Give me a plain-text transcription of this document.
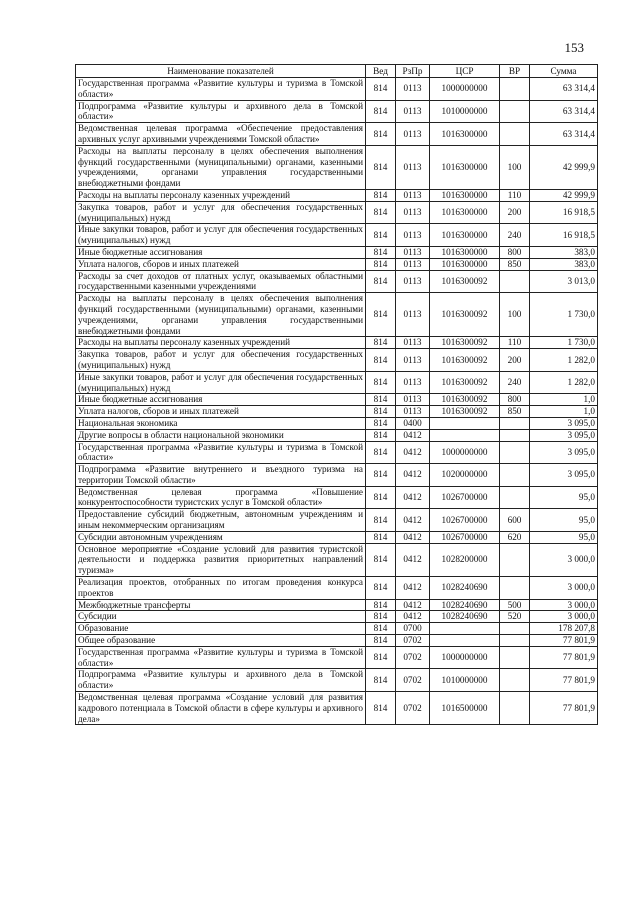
153
Наименование показателей	Вед	РзПр	ЦСР	ВР	Сумма
Государственная программа «Развитие культуры и туризма в Томской области»	814	0113	1000000000		63 314,4
Подпрограмма «Развитие культуры и архивного дела в Томской области»	814	0113	1010000000		63 314,4
Ведомственная целевая программа «Обеспечение предоставления архивных услуг архивными учреждениями Томской области»	814	0113	1016300000		63 314,4
Расходы на выплаты персоналу в целях обеспечения выполнения функций государственными (муниципальными) органами, казенными учреждениями, органами управления государственными внебюджетными фондами	814	0113	1016300000	100	42 999,9
Расходы на выплаты персоналу казенных учреждений	814	0113	1016300000	110	42 999,9
Закупка товаров, работ и услуг для обеспечения государственных (муниципальных) нужд	814	0113	1016300000	200	16 918,5
Иные закупки товаров, работ и услуг для обеспечения государственных (муниципальных) нужд	814	0113	1016300000	240	16 918,5
Иные бюджетные ассигнования	814	0113	1016300000	800	383,0
Уплата налогов, сборов и иных платежей	814	0113	1016300000	850	383,0
Расходы за счет доходов от платных услуг, оказываемых областными государственными казенными учреждениями	814	0113	1016300092		3 013,0
Расходы на выплаты персоналу в целях обеспечения выполнения функций государственными (муниципальными) органами, казенными учреждениями, органами управления государственными внебюджетными фондами	814	0113	1016300092	100	1 730,0
Расходы на выплаты персоналу казенных учреждений	814	0113	1016300092	110	1 730,0
Закупка товаров, работ и услуг для обеспечения государственных (муниципальных) нужд	814	0113	1016300092	200	1 282,0
Иные закупки товаров, работ и услуг для обеспечения государственных (муниципальных) нужд	814	0113	1016300092	240	1 282,0
Иные бюджетные ассигнования	814	0113	1016300092	800	1,0
Уплата налогов, сборов и иных платежей	814	0113	1016300092	850	1,0
Национальная экономика	814	0400			3 095,0
Другие вопросы в области национальной экономики	814	0412			3 095,0
Государственная программа «Развитие культуры и туризма в Томской области»	814	0412	1000000000		3 095,0
Подпрограмма «Развитие внутреннего и въездного туризма на территории Томской области»	814	0412	1020000000		3 095,0
Ведомственная целевая программа «Повышение конкурентоспособности туристских услуг в Томской области»	814	0412	1026700000		95,0
Предоставление субсидий бюджетным, автономным учреждениям и иным некоммерческим организациям	814	0412	1026700000	600	95,0
Субсидии автономным учреждениям	814	0412	1026700000	620	95,0
Основное мероприятие «Создание условий для развития туристской деятельности и поддержка развития приоритетных направлений туризма»	814	0412	1028200000		3 000,0
Реализация проектов, отобранных по итогам проведения конкурса проектов	814	0412	1028240690		3 000,0
Межбюджетные трансферты	814	0412	1028240690	500	3 000,0
Субсидии	814	0412	1028240690	520	3 000,0
Образование	814	0700			178 207,8
Общее образование	814	0702			77 801,9
Государственная программа «Развитие культуры и туризма в Томской области»	814	0702	1000000000		77 801,9
Подпрограмма «Развитие культуры и архивного дела в Томской области»	814	0702	1010000000		77 801,9
Ведомственная целевая программа «Создание условий для развития кадрового потенциала в Томской области в сфере культуры и архивного дела»	814	0702	1016500000		77 801,9
